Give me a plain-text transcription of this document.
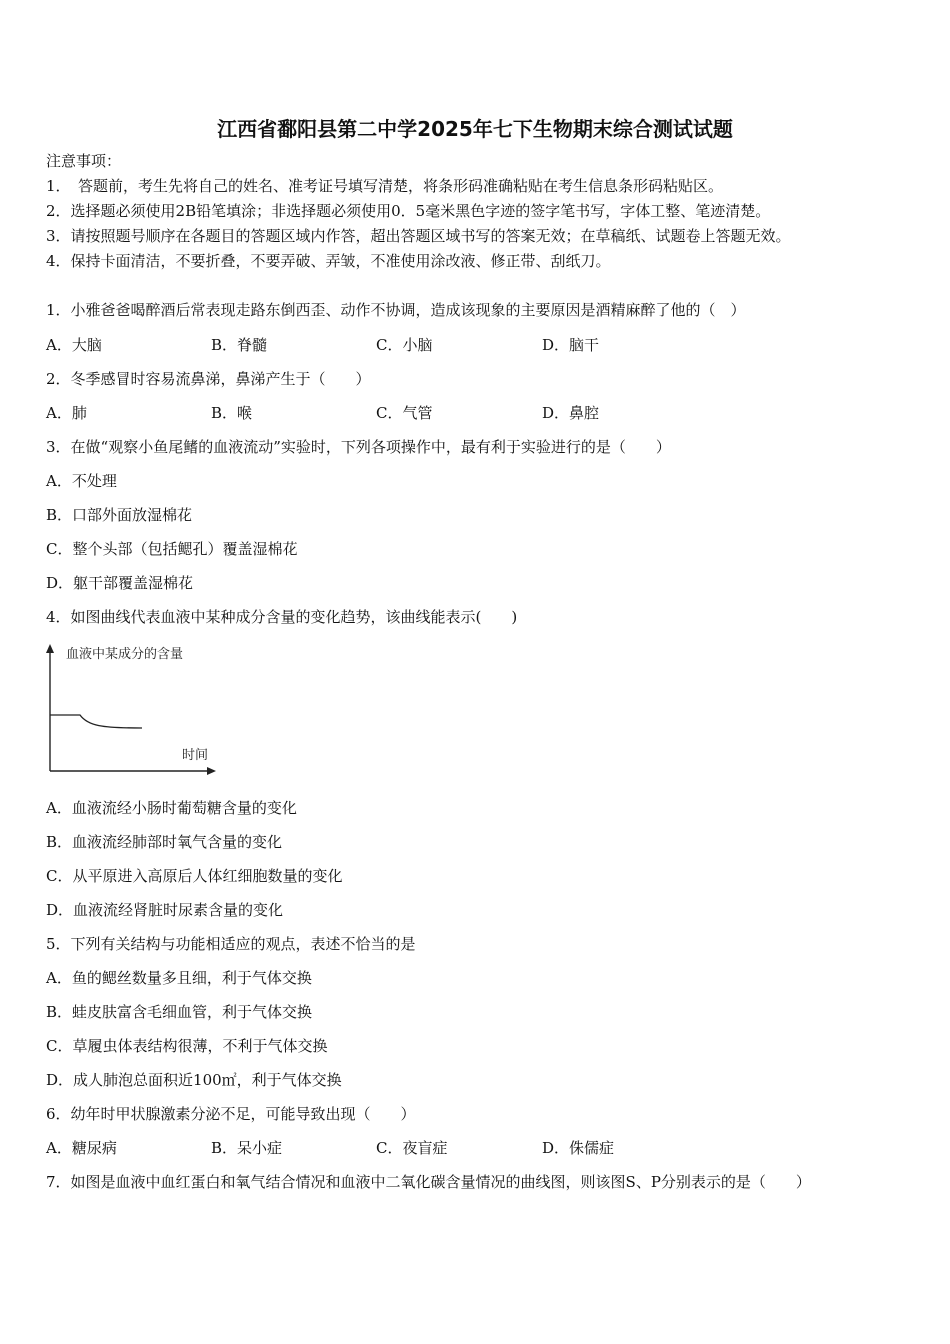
江西省鄱阳县第二中学2025年七下生物期末综合测试试题
注意事项：
1．　答题前，考生先将自己的姓名、准考证号填写清楚，将条形码准确粘贴在考生信息条形码粘贴区。
2．选择题必须使用2B铅笔填涂；非选择题必须使用0．5毫米黑色字迹的签字笔书写，字体工整、笔迹清楚。
3．请按照题号顺序在各题目的答题区域内作答，超出答题区域书写的答案无效；在草稿纸、试题卷上答题无效。
4．保持卡面清洁，不要折叠，不要弄破、弄皱，不准使用涂改液、修正带、刮纸刀。
1．小雅爸爸喝醉酒后常表现走路东倒西歪、动作不协调，造成该现象的主要原因是酒精麻醉了他的（　）
A．大脑	B．脊髓	C．小脑	D．脑干
2．冬季感冒时容易流鼻涕，鼻涕产生于（　　）
A．肺	B．喉	C．气管	D．鼻腔
3．在做“观察小鱼尾鳍的血液流动”实验时，下列各项操作中，最有利于实验进行的是（　　）
A．不处理
B．口部外面放湿棉花
C．整个头部（包括鳃孔）覆盖湿棉花
D．躯干部覆盖湿棉花
4．如图曲线代表血液中某种成分含量的变化趋势，该曲线能表示(　　)
血液中某成分的含量
时间
A．血液流经小肠时葡萄糖含量的变化
B．血液流经肺部时氧气含量的变化
C．从平原进入高原后人体红细胞数量的变化
D．血液流经肾脏时尿素含量的变化
5．下列有关结构与功能相适应的观点，表述不恰当的是
A．鱼的鳃丝数量多且细，利于气体交换
B．蛙皮肤富含毛细血管，利于气体交换
C．草履虫体表结构很薄，不利于气体交换
D．成人肺泡总面积近100㎡，利于气体交换
6．幼年时甲状腺激素分泌不足，可能导致出现（　　）
A．糖尿病	B．呆小症	C．夜盲症	D．侏儒症
7．如图是血液中血红蛋白和氧气结合情况和血液中二氧化碳含量情况的曲线图，则该图S、P分别表示的是（　　）
